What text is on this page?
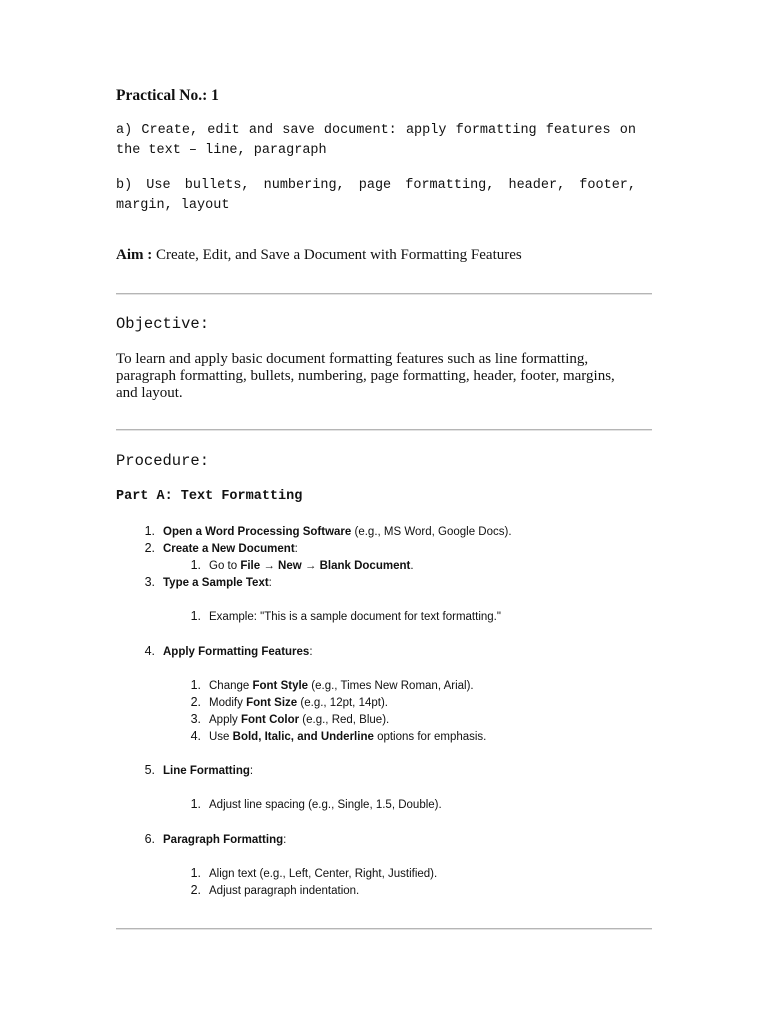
Practical No.: 1
a) Create, edit and save document: apply formatting features on the text – line, paragraph
b) Use bullets, numbering, page formatting, header, footer, margin, layout
Aim : Create, Edit, and Save a Document with Formatting Features
Objective:
To learn and apply basic document formatting features such as line formatting, paragraph formatting, bullets, numbering, page formatting, header, footer, margins, and layout.
Procedure:
Part A: Text Formatting
1. Open a Word Processing Software (e.g., MS Word, Google Docs).
2. Create a New Document:
1. Go to File → New → Blank Document.
3. Type a Sample Text:
1. Example: "This is a sample document for text formatting."
4. Apply Formatting Features:
1. Change Font Style (e.g., Times New Roman, Arial).
2. Modify Font Size (e.g., 12pt, 14pt).
3. Apply Font Color (e.g., Red, Blue).
4. Use Bold, Italic, and Underline options for emphasis.
5. Line Formatting:
1. Adjust line spacing (e.g., Single, 1.5, Double).
6. Paragraph Formatting:
1. Align text (e.g., Left, Center, Right, Justified).
2. Adjust paragraph indentation.
